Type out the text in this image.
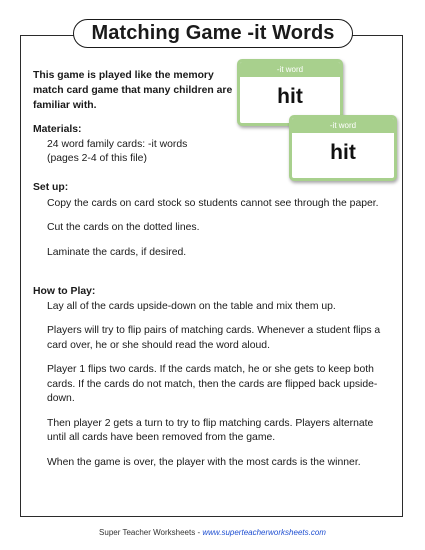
Matching Game -it Words
This game is played like the memory match card game that many children are familiar with.
-it word
hit
-it word
hit
Materials:
24 word family cards: -it words
(pages 2-4 of this file)
Set up:

Copy the cards on card stock so students cannot see through the paper.

Cut the cards on the dotted lines.

Laminate the cards, if desired.

How to Play:

Lay all of the cards upside-down on the table and mix them up.

Players will try to flip pairs of matching cards. Whenever a student flips a card over, he or she should read the word aloud.

Player 1 flips two cards. If the cards match, he or she gets to keep both cards. If the cards do not match, then the cards are flipped back upside-down.

Then player 2 gets a turn to try to flip matching cards. Players alternate until all cards have been removed from the game.

When the game is over, the player with the most cards is the winner.

Super Teacher Worksheets - www.superteacherworksheets.com
